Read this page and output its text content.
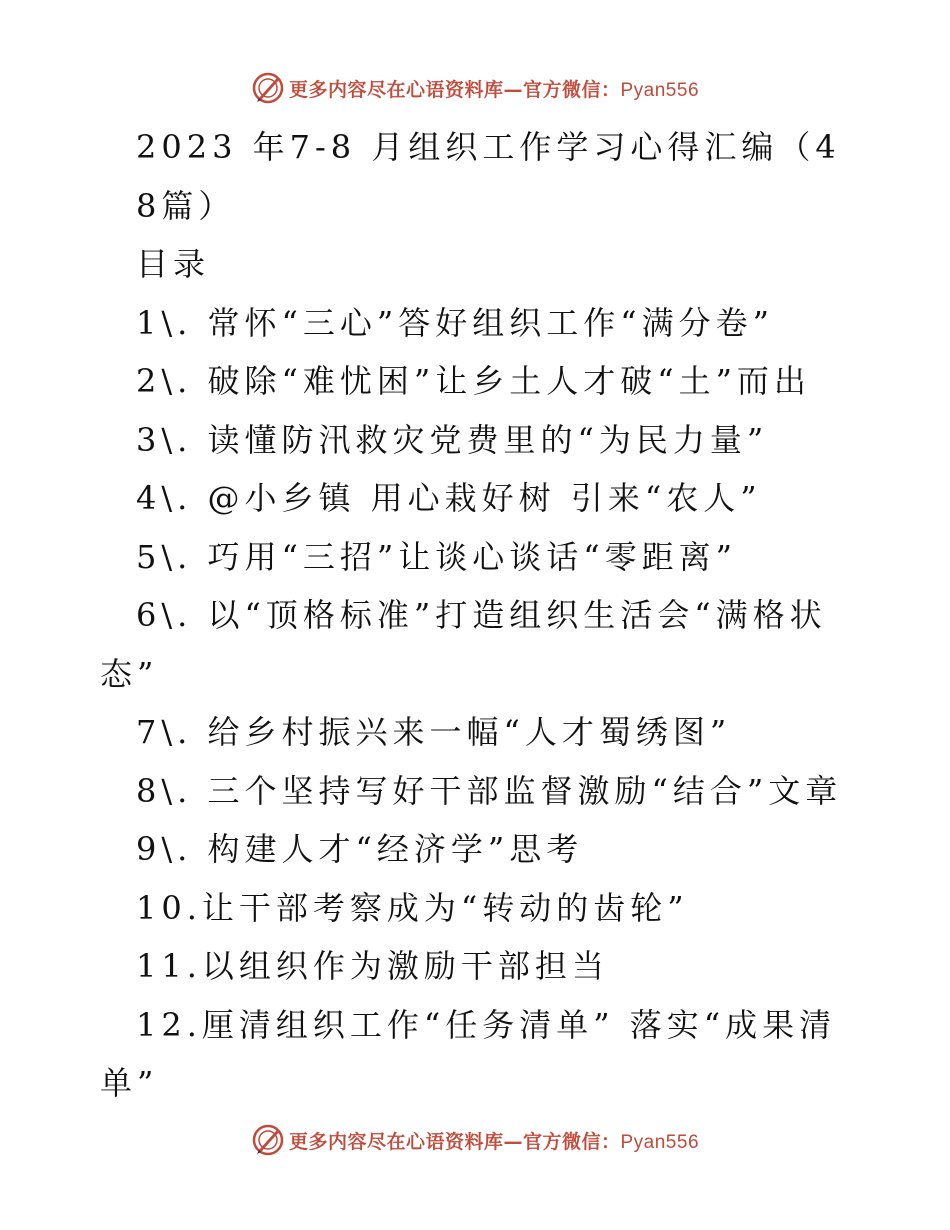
更多内容尽在心语资料库—官方微信：Pyan556

2023 年7-8 月组织工作学习心得汇编（4

8篇）

目录

1\. 常怀“三心”答好组织工作“满分卷”

2\. 破除“难忧困”让乡土人才破“土”而出

3\. 读懂防汛救灾党费里的“为民力量”

4\. @小乡镇 用心栽好树 引来“农人”

5\. 巧用“三招”让谈心谈话“零距离”

6\. 以“顶格标准”打造组织生活会“满格状

态”

7\. 给乡村振兴来一幅“人才蜀绣图”

8\. 三个坚持写好干部监督激励“结合”文章

9\. 构建人才“经济学”思考

10.让干部考察成为“转动的齿轮”

11.以组织作为激励干部担当

12.厘清组织工作“任务清单” 落实“成果清

单”

更多内容尽在心语资料库—官方微信：Pyan556
